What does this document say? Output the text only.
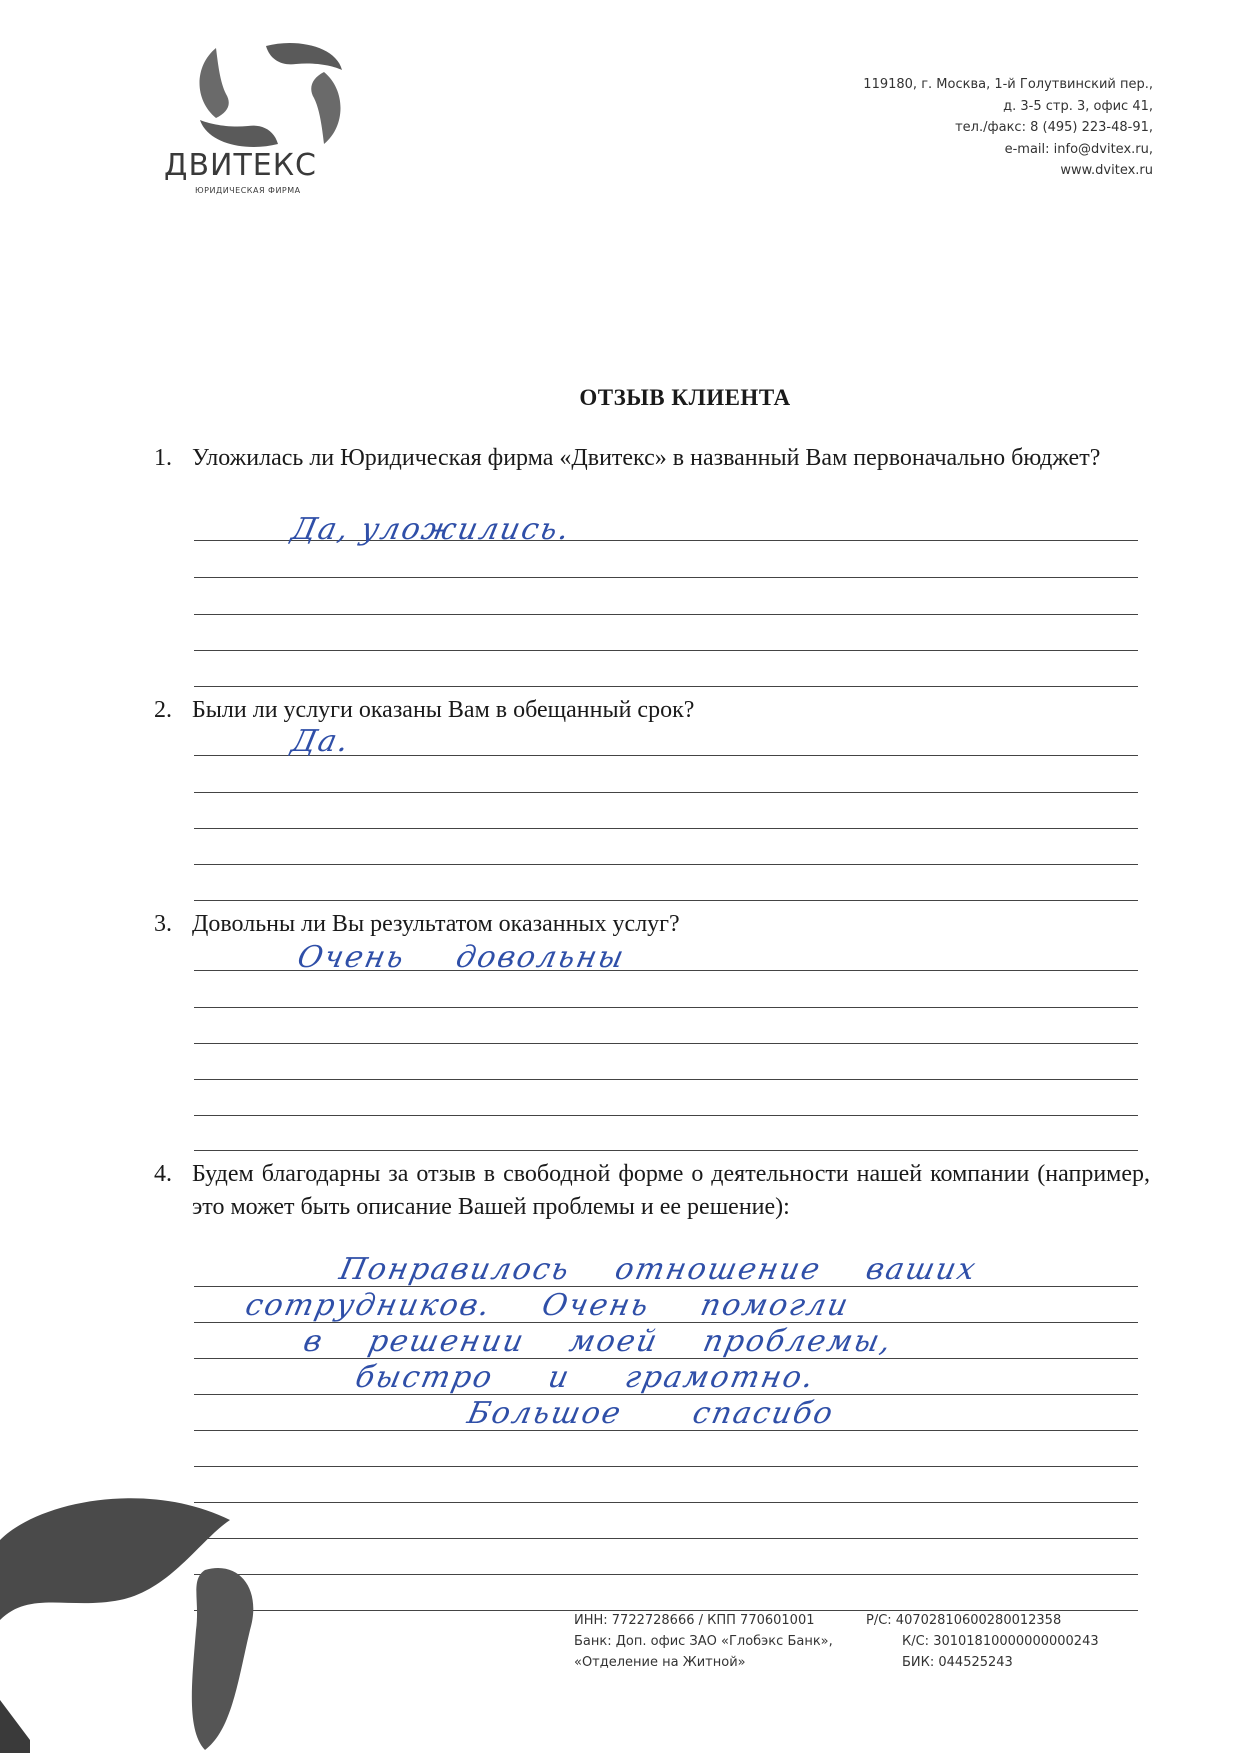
ДВИТЕКС
ЮРИДИЧЕСКАЯ ФИРМА
119180, г. Москва, 1-й Голутвинский пер.,
д. 3-5 стр. 3, офис 41,
тел./факс: 8 (495) 223-48-91,
e-mail: info@dvitex.ru,
www.dvitex.ru
ОТЗЫВ КЛИЕНТА
1. Уложилась ли Юридическая фирма «Двитекс» в названный Вам первоначально бюджет?
Да, уложились.
2. Были ли услуги оказаны Вам в обещанный срок?
Да.
3. Довольны ли Вы результатом оказанных услуг?
Очень довольны
4. Будем благодарны за отзыв в свободной форме о деятельности нашей компании (например, это может быть описание Вашей проблемы и ее решение):
Понравилось отношение ваших
сотрудников. Очень помогли
в решении моей проблемы,
быстро и грамотно.
Большое спасибо
ИНН: 7722728666 / КПП 770601001
Банк: Доп. офис ЗАО «Глобэкс Банк»,
«Отделение на Житной»
Р/С: 40702810600280012358
К/С: 30101810000000000243
БИК: 044525243
